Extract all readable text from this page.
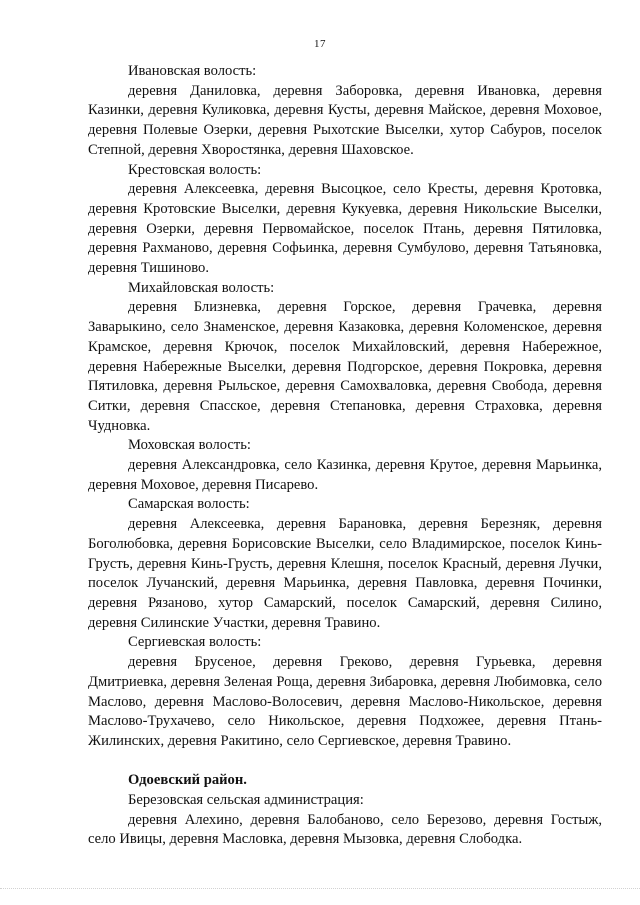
17

Ивановская волость:

деревня Даниловка, деревня Заборовка, деревня Ивановка, деревня Казинки, деревня Куликовка, деревня Кусты, деревня Майское, деревня Моховое, деревня Полевые Озерки, деревня Рыхотские Выселки, хутор Сабуров, поселок Степной, деревня Хворостянка, деревня Шаховское.

Крестовская волость:

деревня Алексеевка, деревня Высоцкое, село Кресты, деревня Кротовка, деревня Кротовские Выселки, деревня Кукуевка, деревня Никольские Выселки, деревня Озерки, деревня Первомайское, поселок Птань, деревня Пятиловка, деревня Рахманово, деревня Софьинка, деревня Сумбулово, деревня Татьяновка, деревня Тишиново.

Михайловская волость:

деревня Близневка, деревня Горское, деревня Грачевка, деревня Заварыкино, село Знаменское, деревня Казаковка, деревня Коломенское, деревня Крамское, деревня Крючок, поселок Михайловский, деревня Набережное, деревня Набережные Выселки, деревня Подгорское, деревня Покровка, деревня Пятиловка, деревня Рыльское, деревня Самохваловка, деревня Свобода, деревня Ситки, деревня Спасское, деревня Степановка, деревня Страховка, деревня Чудновка.

Моховская волость:

деревня Александровка, село Казинка, деревня Крутое, деревня Марьинка, деревня Моховое, деревня Писарево.

Самарская волость:

деревня Алексеевка, деревня Барановка, деревня Березняк, деревня Боголюбовка, деревня Борисовские Выселки, село Владимирское, поселок Кинь-Грусть, деревня Кинь-Грусть, деревня Клешня, поселок Красный, деревня Лучки, поселок Лучанский, деревня Марьинка, деревня Павловка, деревня Починки, деревня Рязаново, хутор Самарский, поселок Самарский, деревня Силино, деревня Силинские Участки, деревня Травино.

Сергиевская волость:

деревня Брусеное, деревня Греково, деревня Гурьевка, деревня Дмитриевка, деревня Зеленая Роща, деревня Зибаровка, деревня Любимовка, село Маслово, деревня Маслово-Волосевич, деревня Маслово-Никольское, деревня Маслово-Трухачево, село Никольское, деревня Подхожее, деревня Птань-Жилинских, деревня Ракитино, село Сергиевское, деревня Травино.

Одоевский район.

Березовская сельская администрация:

деревня Алехино, деревня Балобаново, село Березово, деревня Гостыж, село Ивицы, деревня Масловка, деревня Мызовка, деревня Слободка.
